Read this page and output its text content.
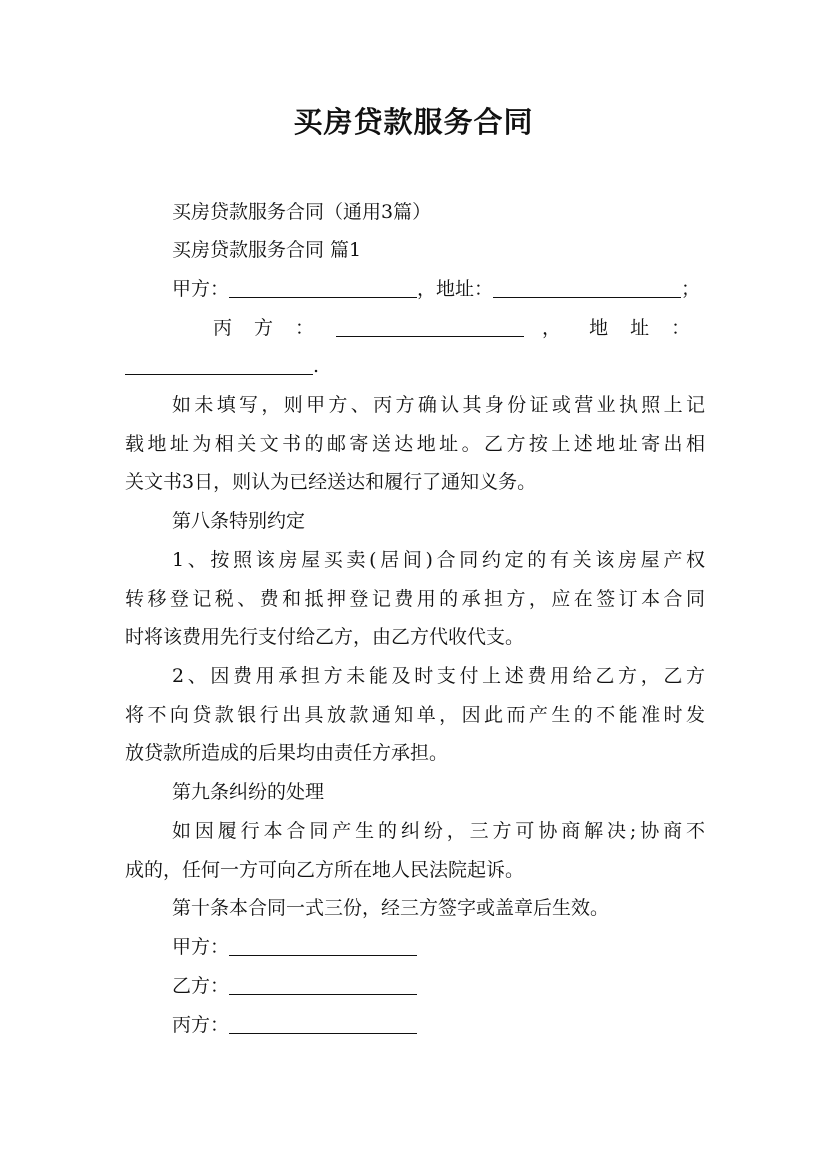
买房贷款服务合同
买房贷款服务合同（通用3篇）
买房贷款服务合同 篇1
甲方：	，地址：	；
丙 方 ：	， 地 址 ：
.
如未填写，则甲方、丙方确认其身份证或营业执照上记
载地址为相关文书的邮寄送达地址。乙方按上述地址寄出相
关文书3日，则认为已经送达和履行了通知义务。
第八条特别约定
1、按照该房屋买卖(居间)合同约定的有关该房屋产权
转移登记税、费和抵押登记费用的承担方，应在签订本合同
时将该费用先行支付给乙方，由乙方代收代支。
2、因费用承担方未能及时支付上述费用给乙方，乙方
将不向贷款银行出具放款通知单，因此而产生的不能准时发
放贷款所造成的后果均由责任方承担。
第九条纠纷的处理
如因履行本合同产生的纠纷，三方可协商解决;协商不
成的，任何一方可向乙方所在地人民法院起诉。
第十条本合同一式三份，经三方签字或盖章后生效。
甲方：
乙方：
丙方：
